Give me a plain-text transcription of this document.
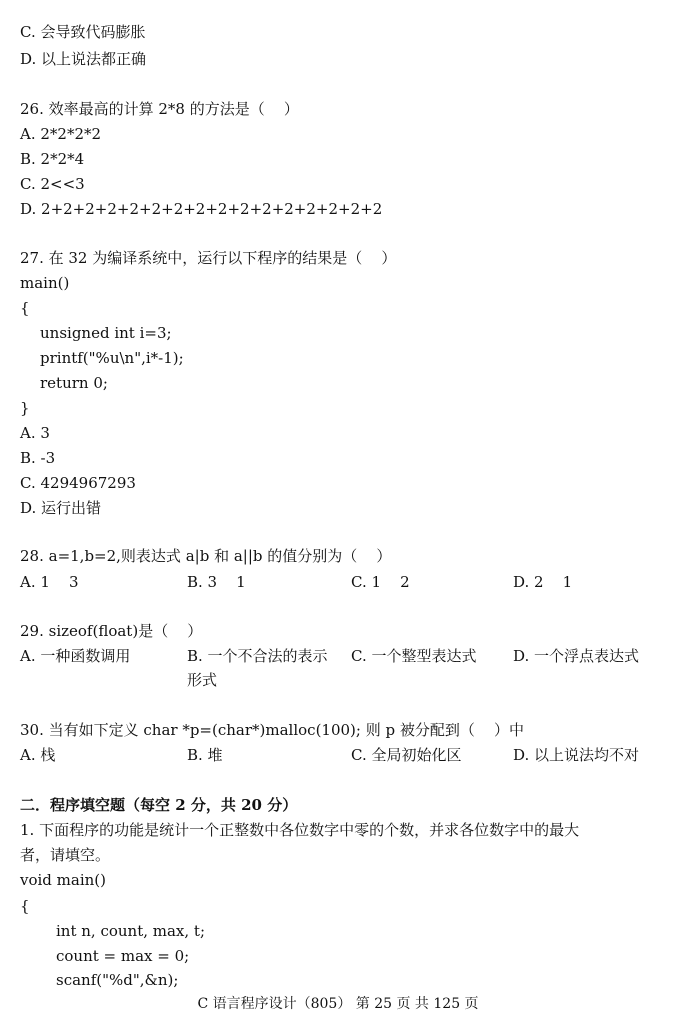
C. 会导致代码膨胀
D. 以上说法都正确
26. 效率最高的计算 2*8 的方法是（    ）
A. 2*2*2*2
B. 2*2*4
C. 2<<3
D. 2+2+2+2+2+2+2+2+2+2+2+2+2+2+2+2
27. 在 32 为编译系统中，运行以下程序的结果是（    ）
main()
{
unsigned int i=3;
printf("%u\n",i*-1);
return 0;
}
A. 3
B. -3
C. 4294967293
D. 运行出错
28. a=1,b=2,则表达式 a|b 和 a||b 的值分别为（    ）
A. 1    3	B. 3    1	C. 1    2	D. 2    1
29. sizeof(float)是（    ）
A. 一种函数调用	B. 一个不合法的表示形式
C. 一个整型表达式 D. 一个浮点表达式
30. 当有如下定义 char *p=(char*)malloc(100); 则 p 被分配到（    ）中
A. 栈	B. 堆	C. 全局初始化区	D. 以上说法均不对
二．程序填空题（每空 2 分，共 20 分）
1. 下面程序的功能是统计一个正整数中各位数字中零的个数，并求各位数字中的最大
者，请填空。
void main()
{
int n, count, max, t;
count = max = 0;
scanf("%d",&n);
C 语言程序设计（805） 第 25 页 共 125 页
